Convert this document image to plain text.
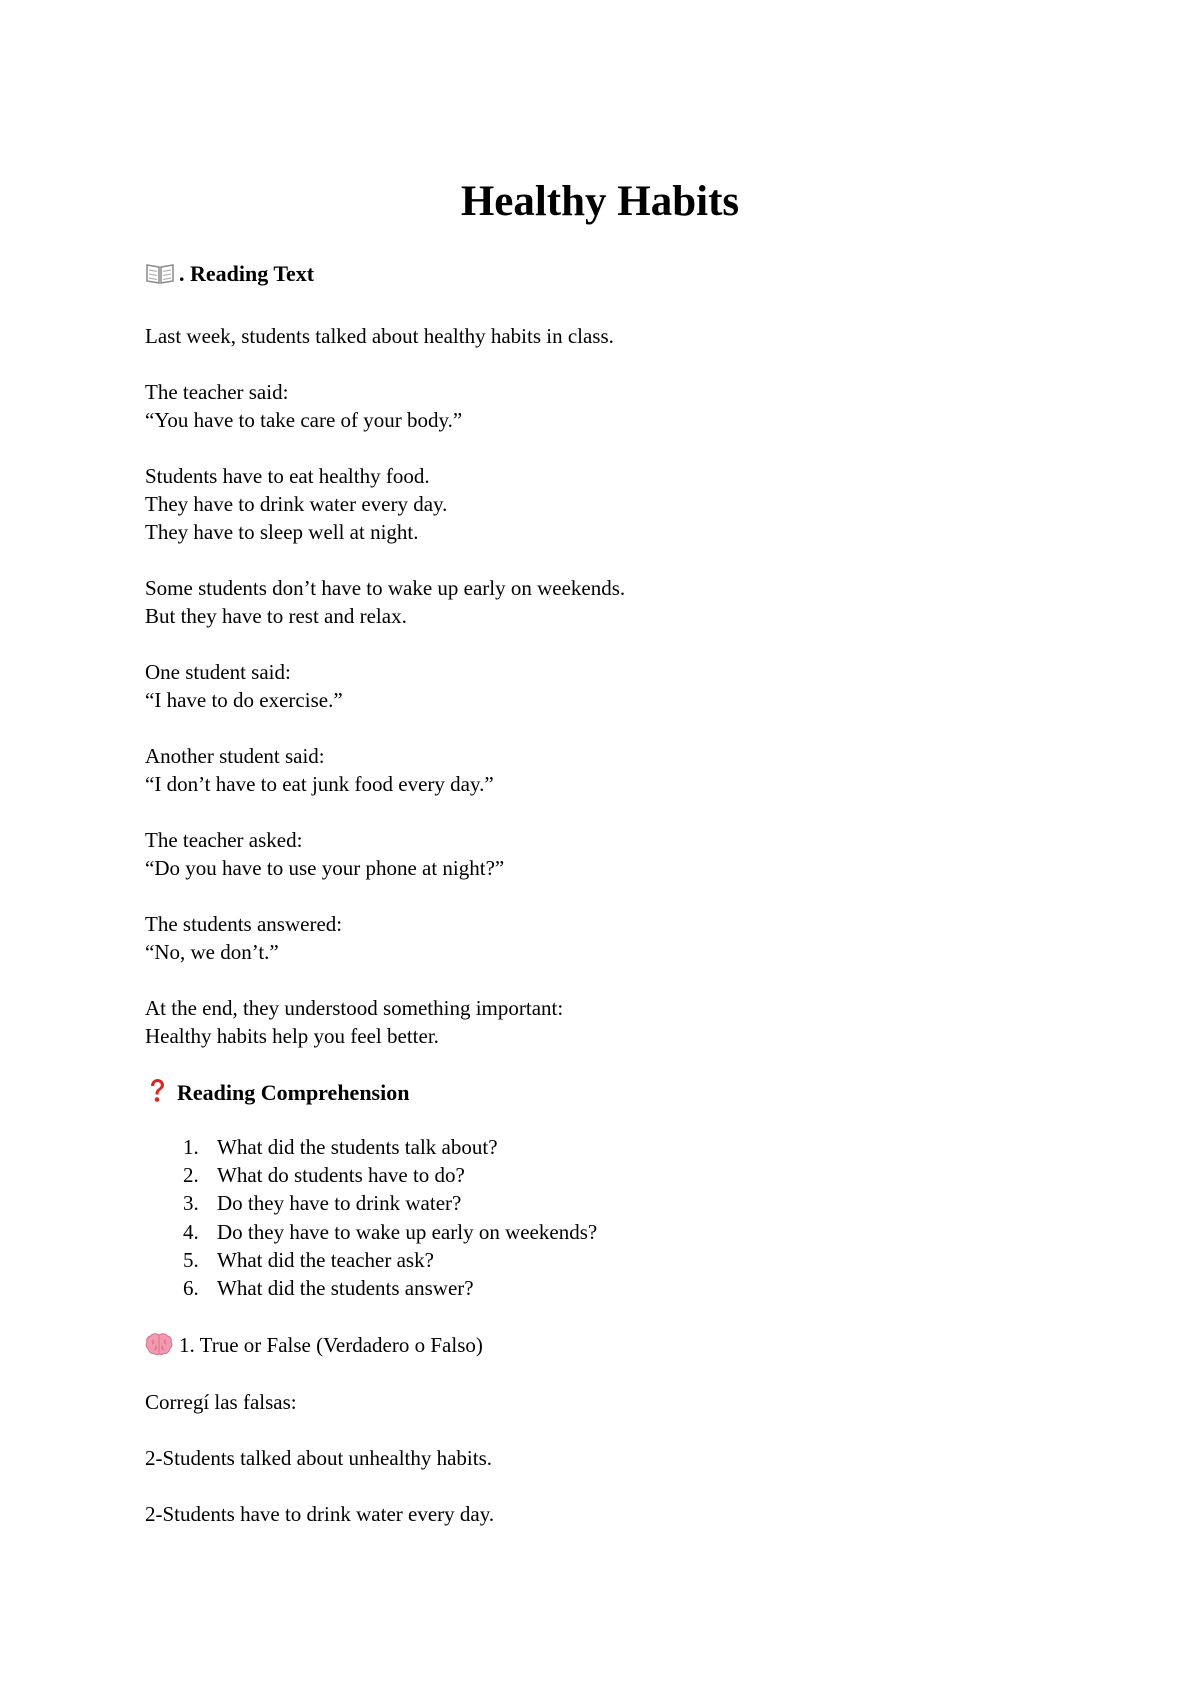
Healthy Habits
. Reading Text

Last week, students talked about healthy habits in class.

The teacher said:

“You have to take care of your body.”

Students have to eat healthy food.

They have to drink water every day.

They have to sleep well at night.

Some students don’t have to wake up early on weekends.

But they have to rest and relax.

One student said:

“I have to do exercise.”

Another student said:

“I don’t have to eat junk food every day.”

The teacher asked:

“Do you have to use your phone at night?”

The students answered:

“No, we don’t.”

At the end, they understood something important:

Healthy habits help you feel better.

Reading Comprehension
1. What did the students talk about?
2. What do students have to do?
3. Do they have to drink water?
4. Do they have to wake up early on weekends?
5. What did the teacher ask?
6. What did the students answer?
1. True or False (Verdadero o Falso)

Corregí las falsas:

2-Students talked about unhealthy habits.

2-Students have to drink water every day.
